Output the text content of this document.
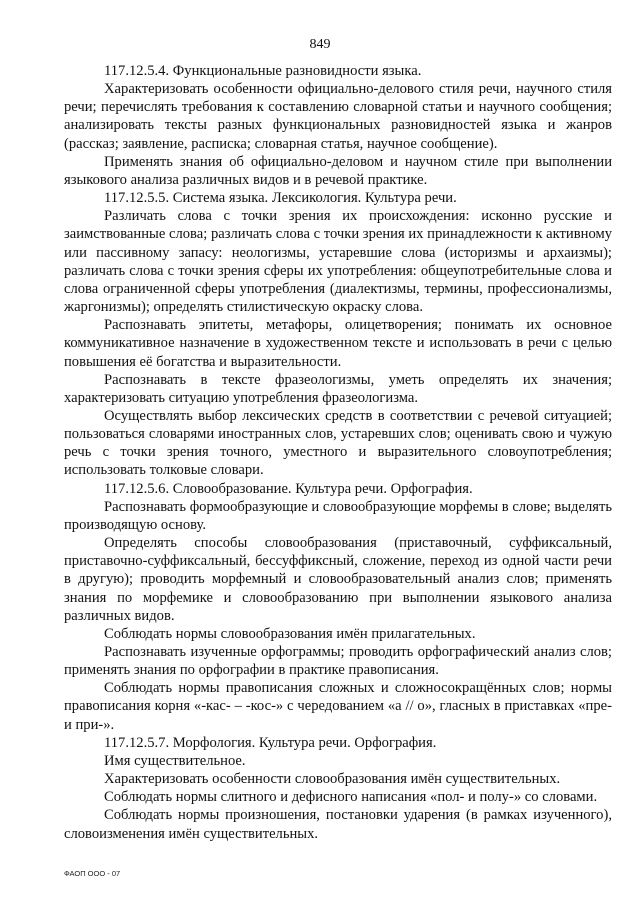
849

117.12.5.4. Функциональные разновидности языка.

Характеризовать особенности официально-делового стиля речи, научного стиля речи; перечислять требования к составлению словарной статьи и научного сообщения; анализировать тексты разных функциональных разновидностей языка и жанров (рассказ; заявление, расписка; словарная статья, научное сообщение).

Применять знания об официально-деловом и научном стиле при выполнении языкового анализа различных видов и в речевой практике.

117.12.5.5. Система языка. Лексикология. Культура речи.

Различать слова с точки зрения их происхождения: исконно русские и заимствованные слова; различать слова с точки зрения их принадлежности к активному или пассивному запасу: неологизмы, устаревшие слова (историзмы и архаизмы); различать слова с точки зрения сферы их употребления: общеупотребительные слова и слова ограниченной сферы употребления (диалектизмы, термины, профессионализмы, жаргонизмы); определять стилистическую окраску слова.

Распознавать эпитеты, метафоры, олицетворения; понимать их основное коммуникативное назначение в художественном тексте и использовать в речи с целью повышения её богатства и выразительности.

Распознавать в тексте фразеологизмы, уметь определять их значения; характеризовать ситуацию употребления фразеологизма.

Осуществлять выбор лексических средств в соответствии с речевой ситуацией; пользоваться словарями иностранных слов, устаревших слов; оценивать свою и чужую речь с точки зрения точного, уместного и выразительного словоупотребления; использовать толковые словари.

117.12.5.6. Словообразование. Культура речи. Орфография.

Распознавать формообразующие и словообразующие морфемы в слове; выделять производящую основу.

Определять способы словообразования (приставочный, суффиксальный, приставочно-суффиксальный, бессуффиксный, сложение, переход из одной части речи в другую); проводить морфемный и словообразовательный анализ слов; применять знания по морфемике и словообразованию при выполнении языкового анализа различных видов.

Соблюдать нормы словообразования имён прилагательных.

Распознавать изученные орфограммы; проводить орфографический анализ слов; применять знания по орфографии в практике правописания.

Соблюдать нормы правописания сложных и сложносокращённых слов; нормы правописания корня «-кас- – -кос-» с чередованием «а // о», гласных в приставках «пре- и при-».

117.12.5.7. Морфология. Культура речи. Орфография.

Имя существительное.

Характеризовать особенности словообразования имён существительных.

Соблюдать нормы слитного и дефисного написания «пол- и полу-» со словами.

Соблюдать нормы произношения, постановки ударения (в рамках изученного), словоизменения имён существительных.

ФАОП ООО - 07
